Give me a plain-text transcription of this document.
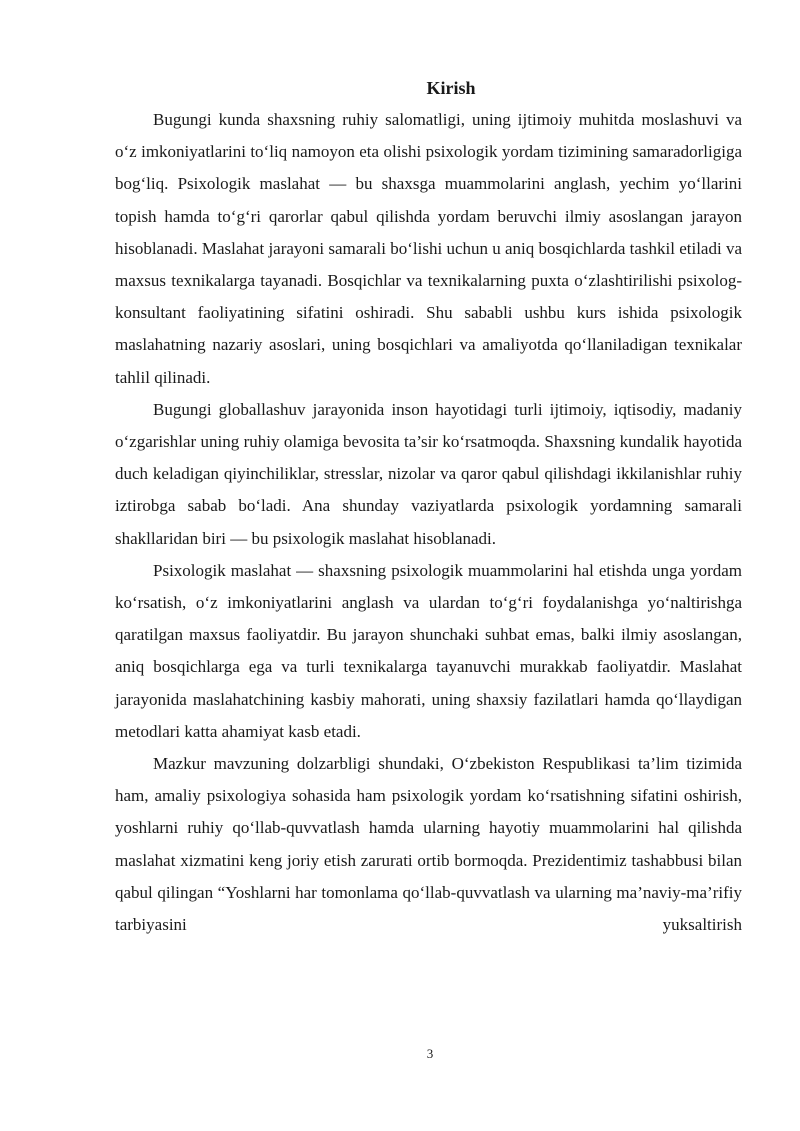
Kirish

Bugungi kunda shaxsning ruhiy salomatligi, uning ijtimoiy muhitda moslashuvi va o‘z imkoniyatlarini to‘liq namoyon eta olishi psixologik yordam tizimining samaradorligiga bog‘liq. Psixologik maslahat — bu shaxsga muammolarini anglash, yechim yo‘llarini topish hamda to‘g‘ri qarorlar qabul qilishda yordam beruvchi ilmiy asoslangan jarayon hisoblanadi. Maslahat jarayoni samarali bo‘lishi uchun u aniq bosqichlarda tashkil etiladi va maxsus texnikalarga tayanadi. Bosqichlar va texnikalarning puxta o‘zlashtirilishi psixolog-konsultant faoliyatining sifatini oshiradi. Shu sababli ushbu kurs ishida psixologik maslahatning nazariy asoslari, uning bosqichlari va amaliyotda qo‘llaniladigan texnikalar tahlil qilinadi.

Bugungi globallashuv jarayonida inson hayotidagi turli ijtimoiy, iqtisodiy, madaniy o‘zgarishlar uning ruhiy olamiga bevosita ta’sir ko‘rsatmoqda. Shaxsning kundalik hayotida duch keladigan qiyinchiliklar, stresslar, nizolar va qaror qabul qilishdagi ikkilanishlar ruhiy iztirobga sabab bo‘ladi. Ana shunday vaziyatlarda psixologik yordamning samarali shakllaridan biri — bu psixologik maslahat hisoblanadi.

Psixologik maslahat — shaxsning psixologik muammolarini hal etishda unga yordam ko‘rsatish, o‘z imkoniyatlarini anglash va ulardan to‘g‘ri foydalanishga yo‘naltirishga qaratilgan maxsus faoliyatdir. Bu jarayon shunchaki suhbat emas, balki ilmiy asoslangan, aniq bosqichlarga ega va turli texnikalarga tayanuvchi murakkab faoliyatdir. Maslahat jarayonida maslahatchining kasbiy mahorati, uning shaxsiy fazilatlari hamda qo‘llaydigan metodlari katta ahamiyat kasb etadi.

Mazkur mavzuning dolzarbligi shundaki, O‘zbekiston Respublikasi ta’lim tizimida ham, amaliy psixologiya sohasida ham psixologik yordam ko‘rsatishning sifatini oshirish, yoshlarni ruhiy qo‘llab-quvvatlash hamda ularning hayotiy muammolarini hal qilishda maslahat xizmatini keng joriy etish zarurati ortib bormoqda. Prezidentimiz tashabbusi bilan qabul qilingan “Yoshlarni har tomonlama qo‘llab-quvvatlash va ularning ma’naviy-ma’rifiy tarbiyasini yuksaltirish

3
